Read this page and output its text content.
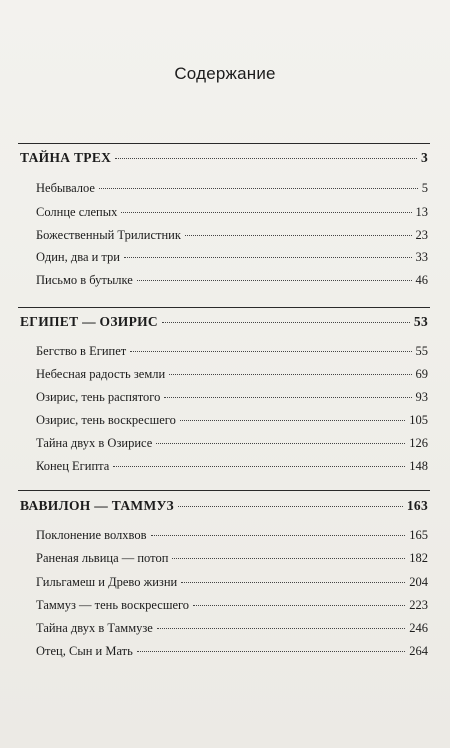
Содержание
ТАЙНА ТРЕХ	3
Небывалое	5
Солнце слепых	13
Божественный Трилистник	23
Один, два и три	33
Письмо в бутылке	46
ЕГИПЕТ — ОЗИРИС	53
Бегство в Египет	55
Небесная радость земли	69
Озирис, тень распятого	93
Озирис, тень воскресшего	105
Тайна двух в Озирисе	126
Конец Египта	148
ВАВИЛОН — ТАММУЗ	163
Поклонение волхвов	165
Раненая львица — потоп	182
Гильгамеш и Древо жизни	204
Таммуз — тень воскресшего	223
Тайна двух в Таммузе	246
Отец, Сын и Мать	264
